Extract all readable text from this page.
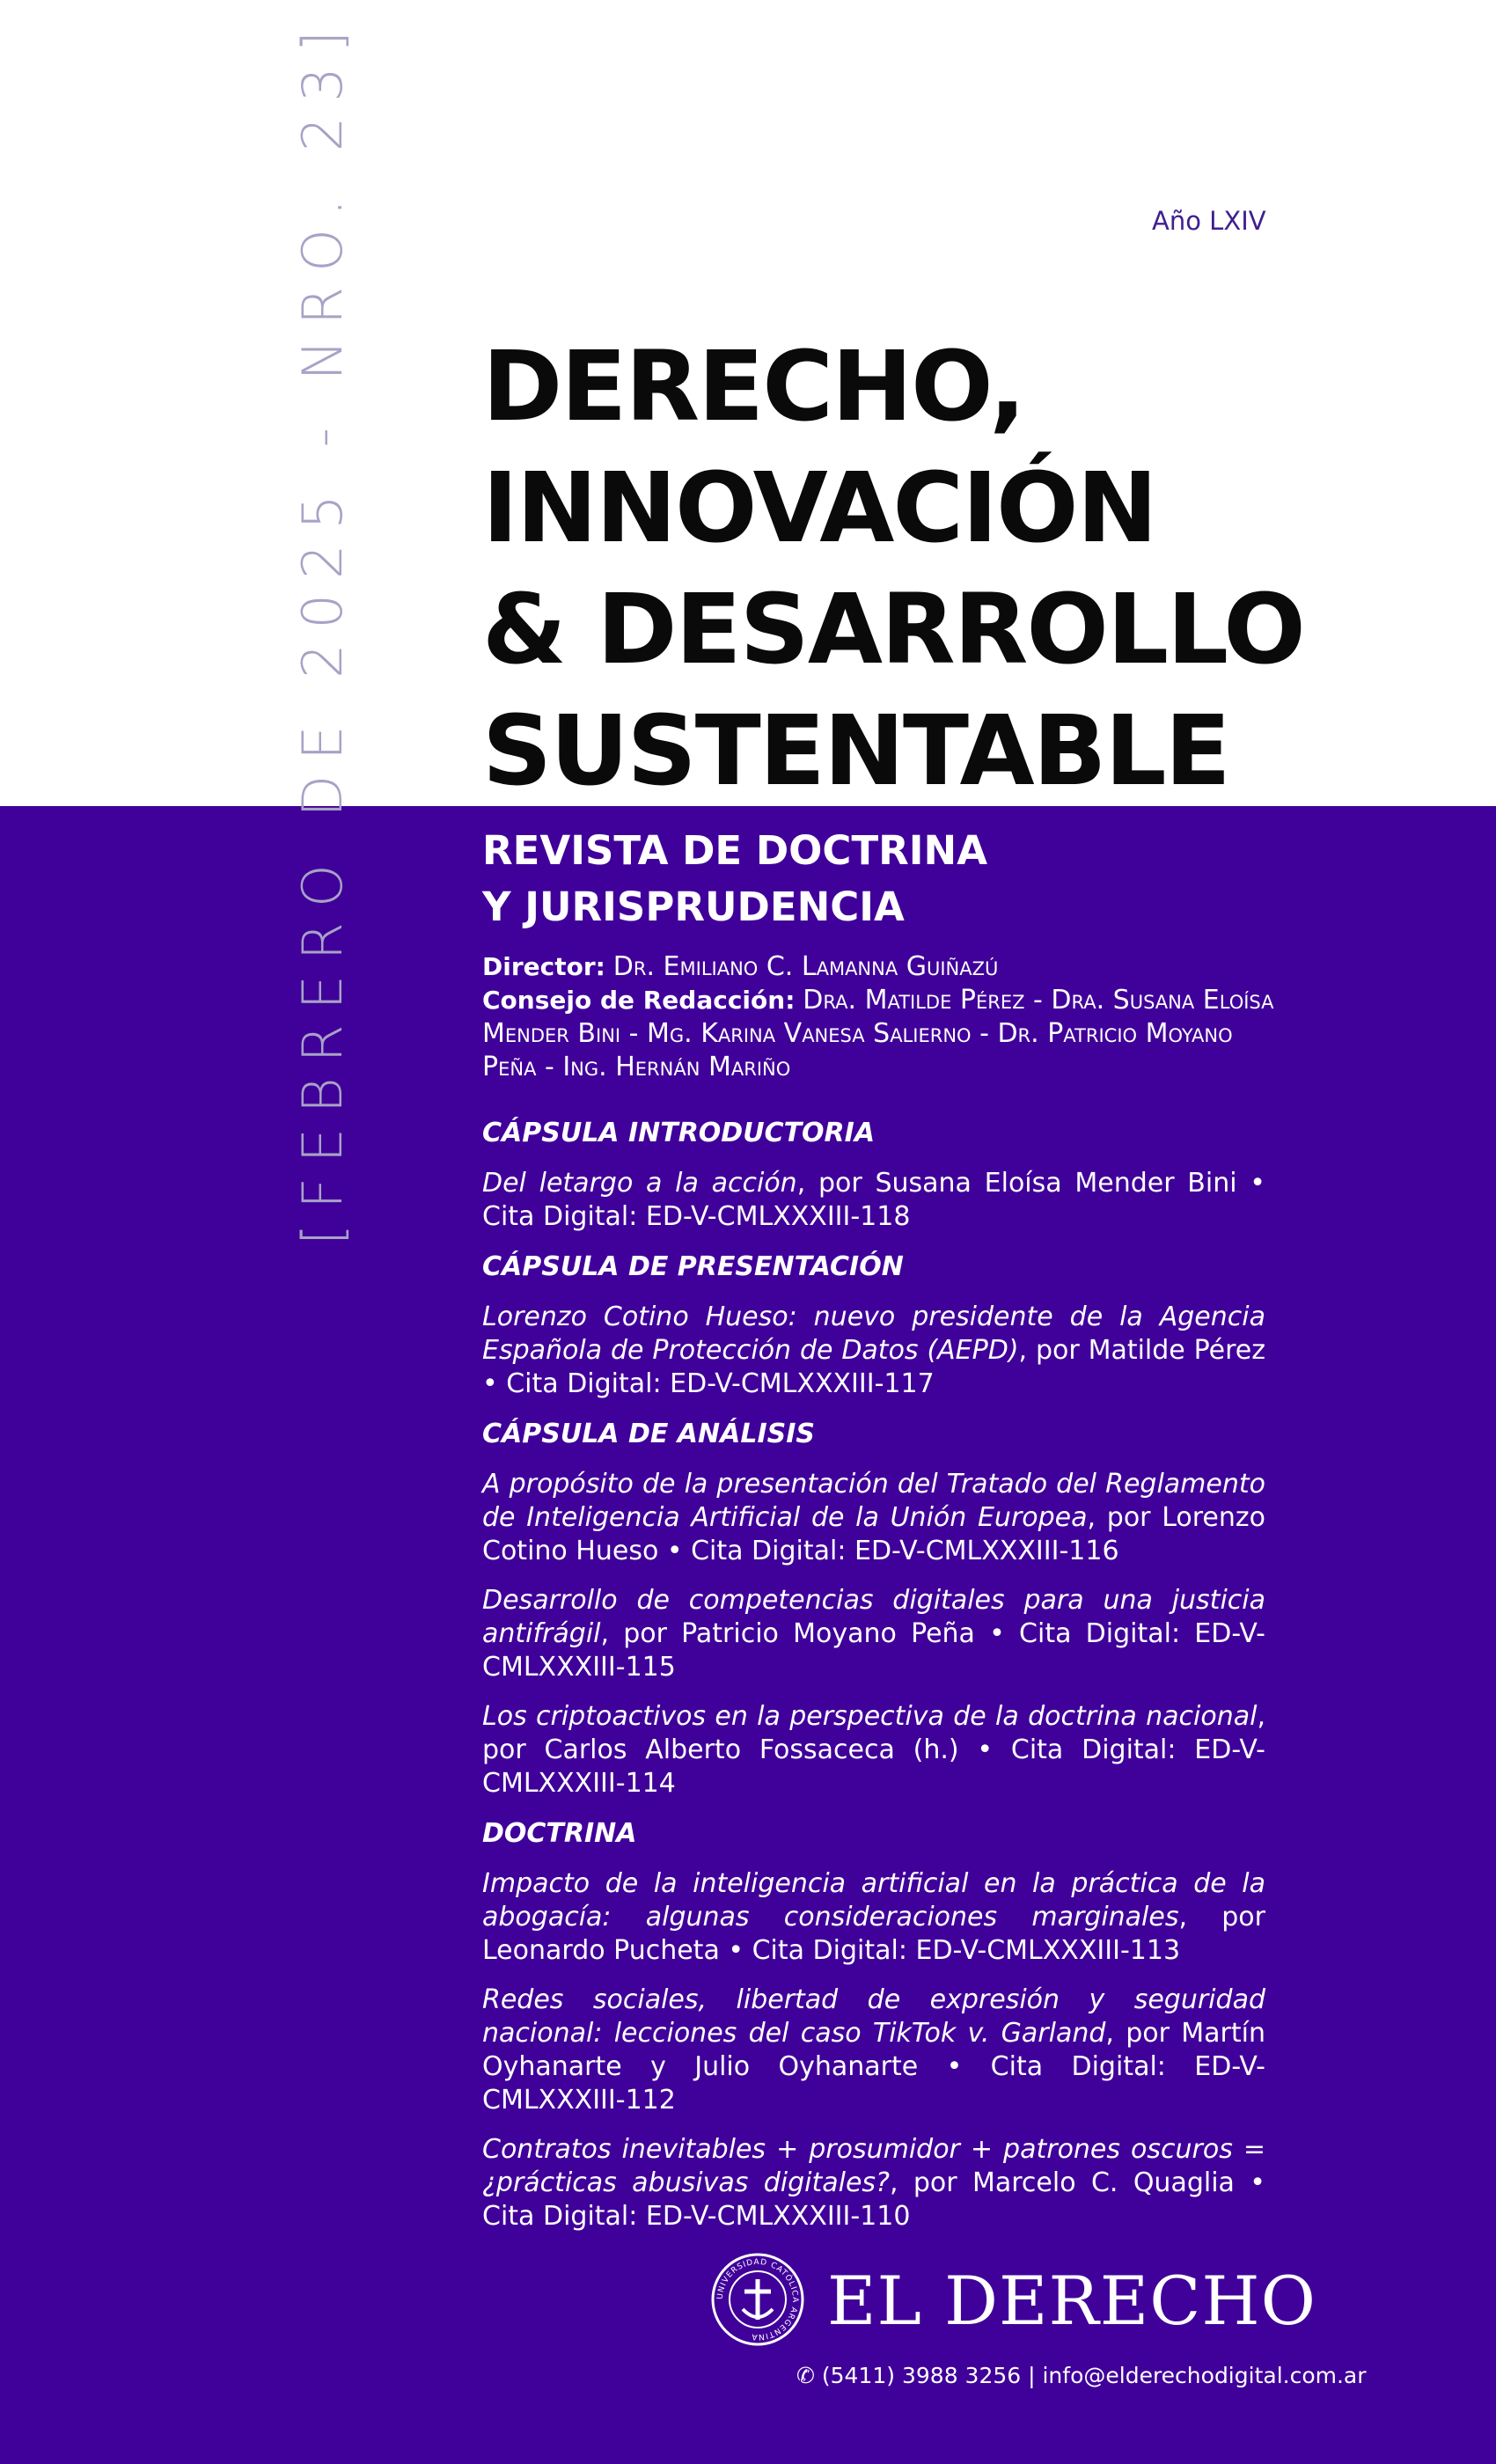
Año LXIV
[FEBRERO DE 2025 - NRO. 23] DERECHO,
INNOVACIÓN
& DESARROLLO
SUSTENTABLE
REVISTA DE DOCTRINA
Y JURISPRUDENCIA
Director: Dr. Emiliano C. Lamanna Guiñazú
Consejo de Redacción: Dra. Matilde Pérez - Dra. Susana Eloísa Mender Bini - Mg. Karina Vanesa Salierno - Dr. Patricio Moyano Peña - Ing. Hernán Mariño
CÁPSULA INTRODUCTORIA
Del letargo a la acción, por Susana Eloísa Mender Bini • Cita Digital: ED-V-CMLXXXIII-118
CÁPSULA DE PRESENTACIÓN
Lorenzo Cotino Hueso: nuevo presidente de la Agencia Española de Protección de Datos (AEPD), por Matilde Pérez • Cita Digital: ED-V-CMLXXXIII-117
CÁPSULA DE ANÁLISIS
A propósito de la presentación del Tratado del Reglamento de Inteligencia Artificial de la Unión Europea, por Lorenzo Cotino Hueso • Cita Digital: ED-V-CMLXXXIII-116
Desarrollo de competencias digitales para una justicia antifrágil, por Patricio Moyano Peña • Cita Digital: ED-V-CMLXXXIII-115
Los criptoactivos en la perspectiva de la doctrina nacional, por Carlos Alberto Fossaceca (h.) • Cita Digital: ED-V-CMLXXXIII-114
DOCTRINA
Impacto de la inteligencia artificial en la práctica de la abogacía: algunas consideraciones marginales, por Leonardo Pucheta • Cita Digital: ED-V-CMLXXXIII-113
Redes sociales, libertad de expresión y seguridad nacional: lecciones del caso TikTok v. Garland, por Martín Oyhanarte y Julio Oyhanarte • Cita Digital: ED-V-CMLXXXIII-112
Contratos inevitables + prosumidor + patrones oscuros = ¿prácticas abusivas digitales?, por Marcelo C. Quaglia • Cita Digital: ED-V-CMLXXXIII-110
UNIVERSIDAD CATÓLICA ARGENTINA	EL DERECHO
✆ (5411) 3988 3256 | info@elderechodigital.com.ar
